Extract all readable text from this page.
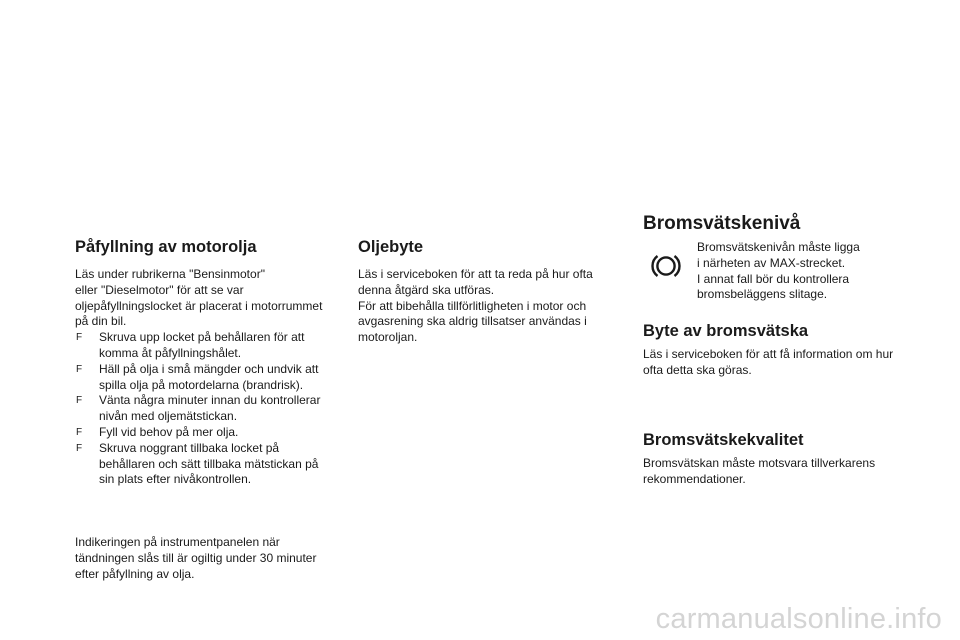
Påfyllning av motorolja
Läs under rubrikerna "Bensinmotor"
eller "Dieselmotor" för att se var
oljepåfyllningslocket är placerat i motorrummet
på din bil.
F Skruva upp locket på behållaren för att
komma åt påfyllningshålet.
F Häll på olja i små mängder och undvik att
spilla olja på motordelarna (brandrisk).
F Vänta några minuter innan du kontrollerar
nivån med oljemätstickan.
F Fyll vid behov på mer olja.
F Skruva noggrant tillbaka locket på
behållaren och sätt tillbaka mätstickan på
sin plats efter nivåkontrollen.
Indikeringen på instrumentpanelen när
tändningen slås till är ogiltig under 30 minuter
efter påfyllning av olja.
Oljebyte
Läs i serviceboken för att ta reda på hur ofta
denna åtgärd ska utföras.
För att bibehålla tillförlitligheten i motor och
avgasrening ska aldrig tillsatser användas i
motoroljan.
Bromsvätskenivå
Bromsvätskenivån måste ligga
i närheten av MAX-strecket.
I annat fall bör du kontrollera
bromsbeläggens slitage.
Byte av bromsvätska
Läs i serviceboken för att få information om hur
ofta detta ska göras.
Bromsvätskekvalitet
Bromsvätskan måste motsvara tillverkarens
rekommendationer.
carmanualsonline.info
